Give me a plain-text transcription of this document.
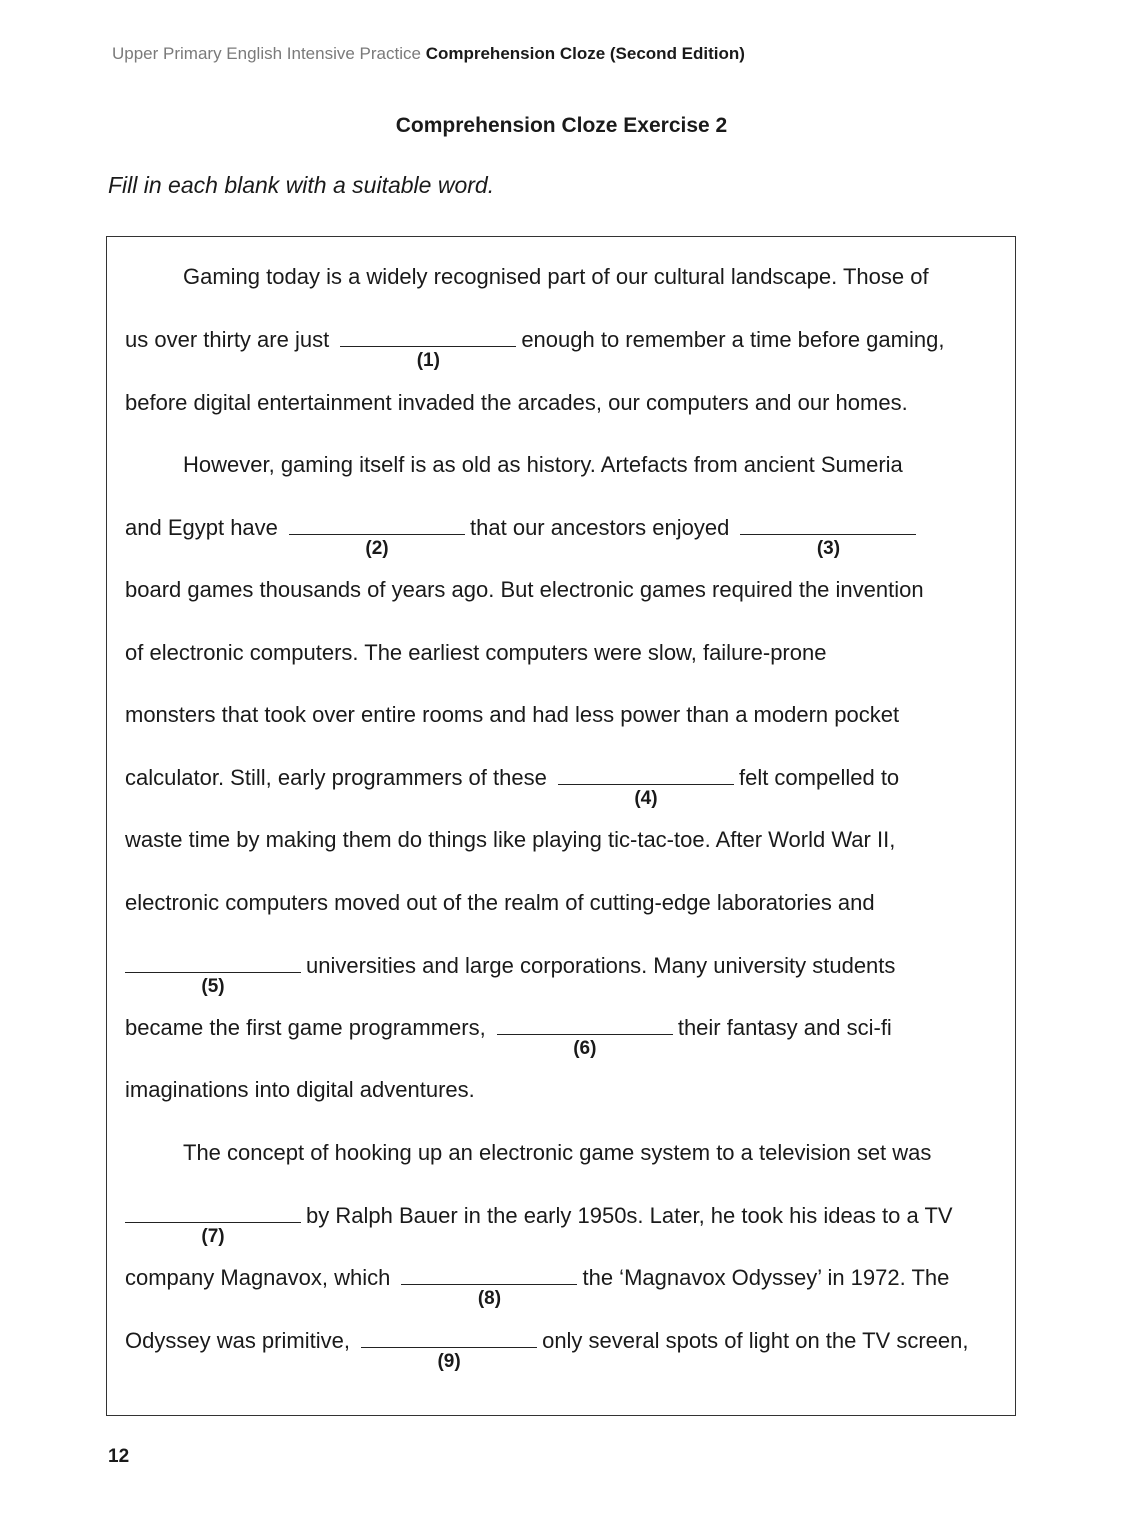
Upper Primary English Intensive Practice Comprehension Cloze (Second Edition)
Comprehension Cloze Exercise 2
Fill in each blank with a suitable word.
Gaming today is a widely recognised part of our cultural landscape. Those of
us over thirty are just
(1)
enough to remember a time before gaming,
before digital entertainment invaded the arcades, our computers and our homes.
However, gaming itself is as old as history. Artefacts from ancient Sumeria
and Egypt have
(2)
that our ancestors enjoyed
(3)
board games thousands of years ago. But electronic games required the invention
of electronic computers. The earliest computers were slow, failure-prone
monsters that took over entire rooms and had less power than a modern pocket
calculator. Still, early programmers of these
(4)
felt compelled to
waste time by making them do things like playing tic-tac-toe. After World War II,
electronic computers moved out of the realm of cutting-edge laboratories and
(5)
universities and large corporations. Many university students
became the first game programmers,
(6)
their fantasy and sci-fi
imaginations into digital adventures.
The concept of hooking up an electronic game system to a television set was
(7)
by Ralph Bauer in the early 1950s. Later, he took his ideas to a TV
company Magnavox, which
(8)
the ‘Magnavox Odyssey’ in 1972. The
Odyssey was primitive,
(9)
only several spots of light on the TV screen,
12
